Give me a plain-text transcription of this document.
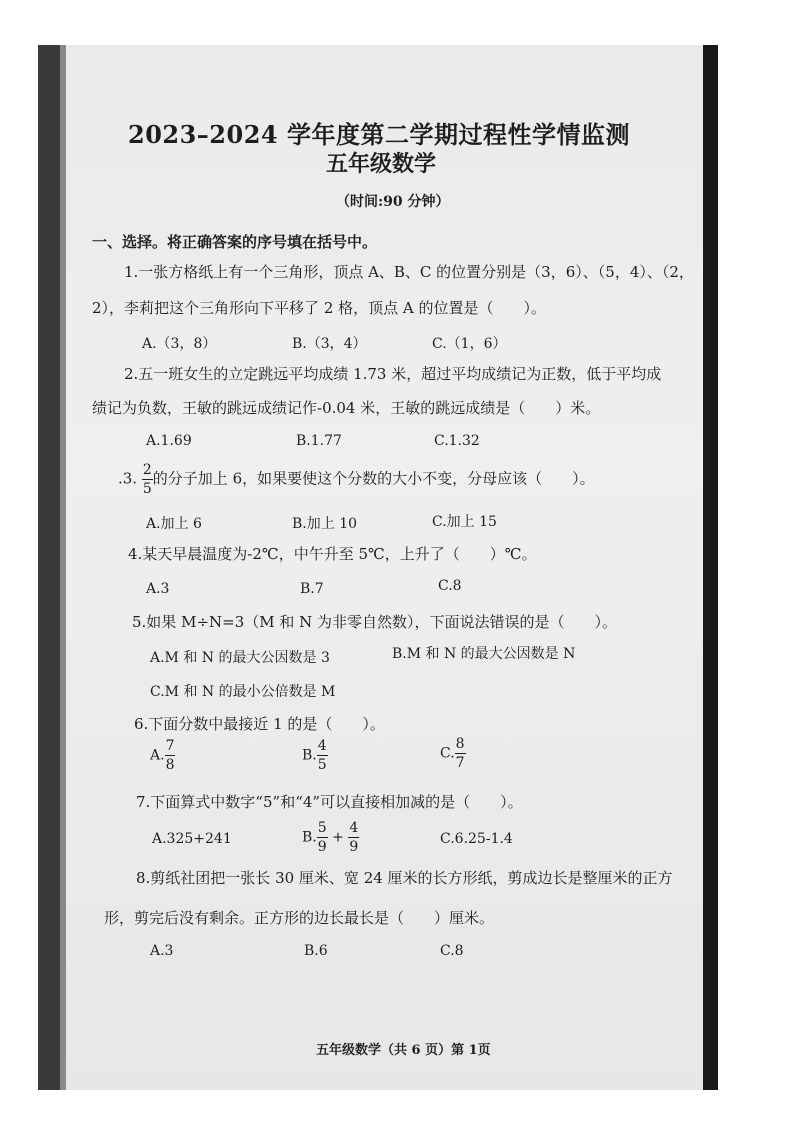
2023–2024 学年度第二学期过程性学情监测
五年级数学
（时间:90 分钟）
一、选择。将正确答案的序号填在括号中。
1.一张方格纸上有一个三角形，顶点 A、B、C 的位置分别是（3，6）、（5，4）、（2，
2），李莉把这个三角形向下平移了 2 格，顶点 A 的位置是（　　）。
A.（3，8）	B.（3，4）	C.（1，6）
2.五一班女生的立定跳远平均成绩 1.73 米，超过平均成绩记为正数，低于平均成
绩记为负数，王敏的跳远成绩记作-0.04 米，王敏的跳远成绩是（　　）米。
A.1.69	B.1.77	C.1.32
.3. $\frac{2}{5}$ 的分子加上 6，如果要使这个分数的大小不变，分母应该（　　）。
A.加上 6	B.加上 10	C.加上 15
4.某天早晨温度为-2℃，中午升至 5℃，上升了（　　）℃。
A.3	B.7	C.8
5.如果 M÷N=3（M 和 N 为非零自然数），下面说法错误的是（　　）。
A.M 和 N 的最大公因数是 3	B.M 和 N 的最大公因数是 N
C.M 和 N 的最小公倍数是 M
6.下面分数中最接近 1 的是（　　）。
A. $\frac{7}{8}$	B. $\frac{4}{5}$	C. $\frac{8}{7}$
7.下面算式中数字“5”和“4”可以直接相加减的是（　　）。
A.325+241	B. $\frac{5}{9} + \frac{4}{9}$	C.6.25-1.4
8.剪纸社团把一张长 30 厘米、宽 24 厘米的长方形纸，剪成边长是整厘米的正方
形，剪完后没有剩余。正方形的边长最长是（　　）厘米。
A.3	B.6	C.8
五年级数学（共 6 页）第 1页
